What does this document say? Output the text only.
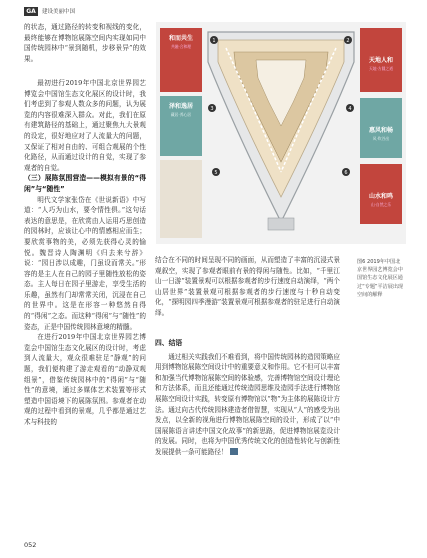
GA	建设美丽中国

的状态，通过路径的转变和视线的变化，最终能够在博物馆展陈空间内实现如同中国传统园林中“景到随机，步移景异”的效果。

最初进行2019年中国北京世界园艺博览会中国馆生态文化展区的设计时，我们考虑到了参观人数众多的问题，认为展览的内容很难深入群众。对此，我们在原有建筑路径的基础上，通过聚焦九大景观的设定，很好地应对了人流量大的问题，又保证了相对自由的、可组合观展的个性化路径，从而通过设计的自觉，实现了参观者的自觉。

（三）展陈氛围营造——模拟有景的“得闲”与“随性”

明代文学家张岱在《世说新语》中写道：“人巧为山水，要令情性俱。”这句话表达的意思是，在欣赏由人运用巧思创造的园林时，应该让心中的情感相应而生；要欣赏事物的美，必须先获得心灵的愉悦。魏晋诗人陶渊明《归去来兮辞》说：“园日涉以成趣，门虽设而常关。”形容的是主人在自己的园子里随性放松的姿态。主人每日在园子里游走，享受生活的乐趣，虽然有门却常常关闭，沉浸在自己的世界中。这是在形容一种悠然自得的“得闲”之态。而这种“得闲”与“随性”的姿态，正是中国传统园林意境的精髓。

在进行2019年中国北京世界园艺博览会中国馆生态文化展区的设计时，考虑到人流量大，观众很难驻足“静观”的问题，我们便构建了游走观看的“动静双观组景”，借鉴传统园林中的“得闲”与“随性”的意境，通过多媒体艺术装置等形式塑造中国语境下的展陈氛围。参观者在动观的过程中看到的景观，几乎都是通过艺术与科技的

1	2
3	4
5	6
和而共生
共融·合和理
泽和逸居
藏居·养心居
天地人和
天地·方圆之道
惠风和畅
风·吹谷出
山水和鸣
山·自然之乐

结合在不同的时间呈现不同的画面，从而塑造了丰富的沉浸式景观叙空，实现了参观者眼前有景的得闲与随性。比如，“千里江山一日游”装置景观可以根据参观者的步行速度自动演绎，“两个山居世界”装置景观可根据参观者的步行速度与十秒自动变化，“探明园四季漫游”装置景观可根据参观者的驻足进行自动演绎。

四、结语

通过相关实践我们不难看到，将中国传统园林的造园策略应用到博物馆展陈空间设计中的重要意义和作用。它不但可以丰富和加强当代博物馆展陈空间的体验感，完善博物馆空间设计理论和方法体系，而且还能通过传统造园思维及造园手法进行博物馆展陈空间设计实践，转变原有博物馆以“物”为主体的展陈设计方法。通过向古代传统园林建造者借智慧，实现从“人”的感受为出发点，以全新的视角进行博物馆展陈空间的设计，形成了以“中国展陈语言讲述中国文化故事”的新思路，促进博物馆展览设计的发展。同时，也将为中国优秀传统文化的创造性转化与创新性发展提供一条可能路径！

图6 2019年中国北京世界园艺博览会中国馆生态文化展区通过“专题”平洁展出现空间的解释
052
